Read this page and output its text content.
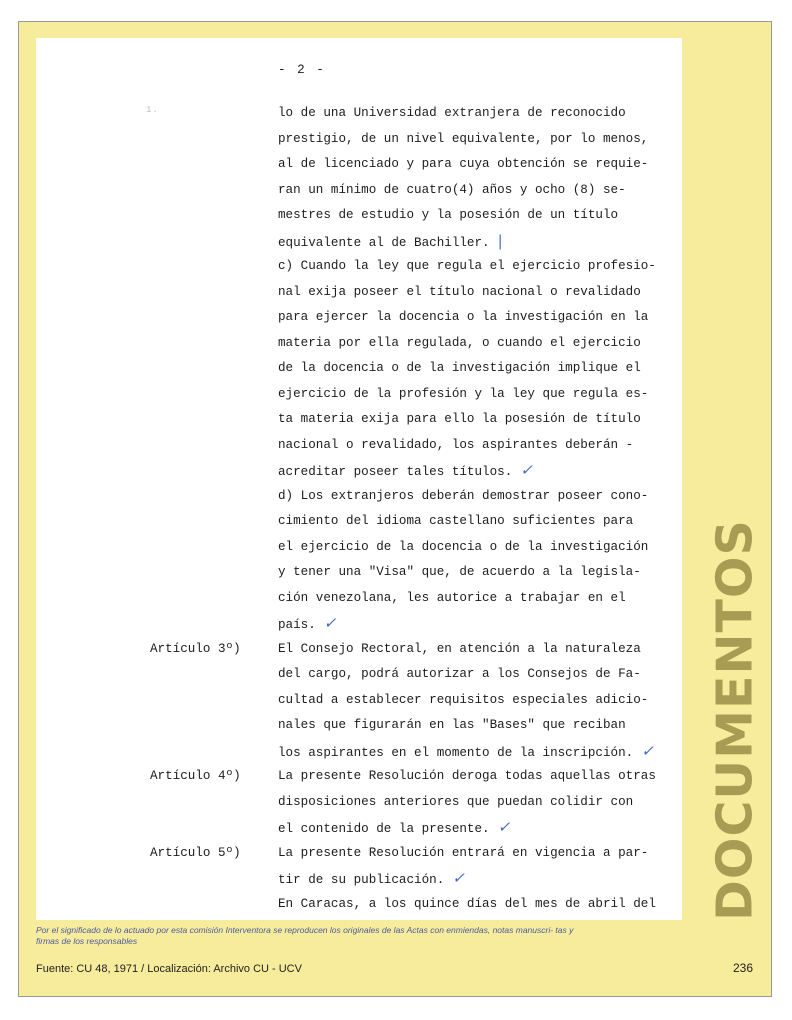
- 2 -
1.	lo de una Universidad extranjera de reconocido
prestigio, de un nivel equivalente, por lo menos,
al de licenciado y para cuya obtención se requie-
ran un mínimo de cuatro(4) años y ocho (8) se-
mestres de estudio y la posesión de un título
equivalente al de Bachiller. |
c) Cuando la ley que regula el ejercicio profesio-
nal exija poseer el título nacional o revalidado
para ejercer la docencia o la investigación en la
materia por ella regulada, o cuando el ejercicio
de la docencia o de la investigación implique el
ejercicio de la profesión y la ley que regula es-
ta materia exija para ello la posesión de título
nacional o revalidado, los aspirantes deberán -
acreditar poseer tales títulos. ✓
d) Los extranjeros deberán demostrar poseer cono-
cimiento del idioma castellano suficientes para
el ejercicio de la docencia o de la investigación
y tener una "Visa" que, de acuerdo a la legisla-
ción venezolana, les autorice a trabajar en el
país. ✓
Artículo 3º)	El Consejo Rectoral, en atención a la naturaleza
del cargo, podrá autorizar a los Consejos de Fa-
cultad a establecer requisitos especiales adicio-
nales que figurarán en las "Bases" que reciban
los aspirantes en el momento de la inscripción. ✓
Artículo 4º)	La presente Resolución deroga todas aquellas otras
disposiciones anteriores que puedan colidir con
el contenido de la presente. ✓
Artículo 5º)	La presente Resolución entrará en vigencia a par-
tir de su publicación. ✓
En Caracas, a los quince días del mes de abril del	DOCUMENTOS
Por el significado de lo actuado por esta comisión Interventora se reproducen los originales de las Actas con enmiendas, notas manuscri- tas y firmas de los responsables
Fuente: CU 48, 1971 / Localización: Archivo CU - UCV	236
